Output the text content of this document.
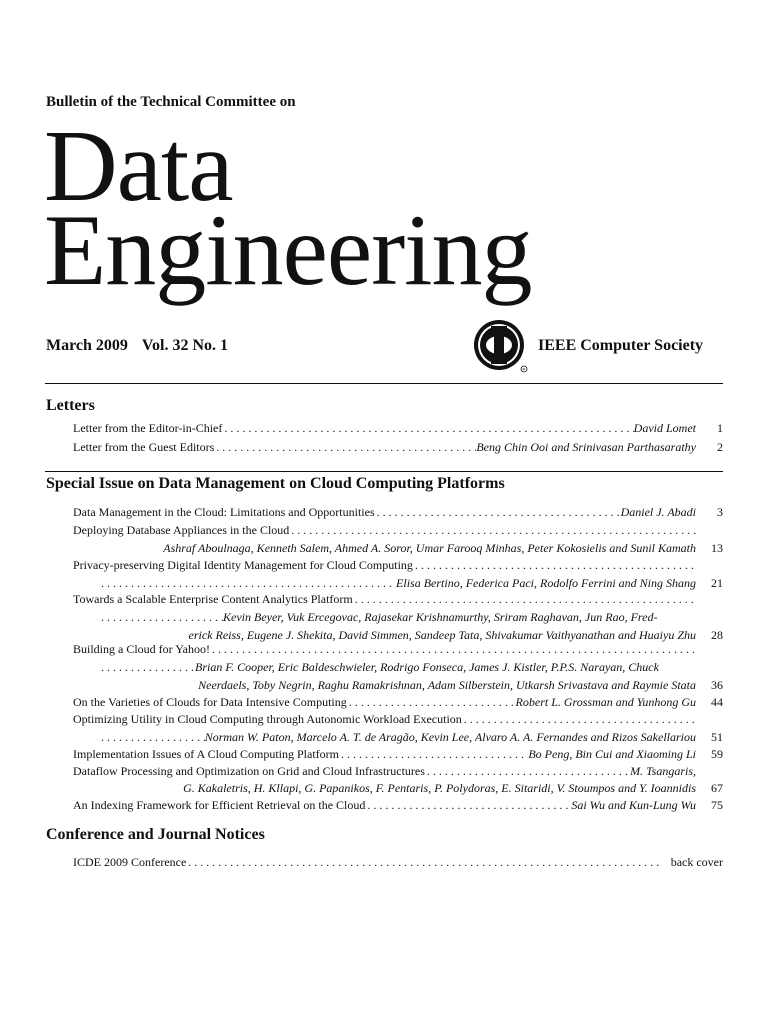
Bulletin of the Technical Committee on
Data
Engineering
March 2009 Vol. 32 No. 1
R
IEEE Computer Society
Letters
Letter from the Editor-in-Chief . . .	David Lomet 1
Letter from the Guest Editors . . .	Beng Chin Ooi and Srinivasan Parthasarathy 2
Special Issue on Data Management on Cloud Computing Platforms
Data Management in the Cloud: Limitations and Opportunities . . .	Daniel J. Abadi 3
Deploying Database Appliances in the Cloud
. . .
Ashraf Aboulnaga, Kenneth Salem, Ahmed A. Soror, Umar Farooq Minhas, Peter Kokosielis and Sunil Kamath 13
Privacy-preserving Digital Identity Management for Cloud Computing
. . .
. . .
Elisa Bertino, Federica Paci, Rodolfo Ferrini and Ning Shang 21
Towards a Scalable Enterprise Content Analytics Platform
. . .
. . .
Kevin Beyer, Vuk Ercegovac, Rajasekar Krishnamurthy, Sriram Raghavan, Jun Rao, Fred-
erick Reiss, Eugene J. Shekita, David Simmen, Sandeep Tata, Shivakumar Vaithyanathan and Huaiyu Zhu 28
Building a Cloud for Yahoo!
. . .
. . .
Brian F. Cooper, Eric Baldeschwieler, Rodrigo Fonseca, James J. Kistler, P.P.S. Narayan, Chuck
Neerdaels, Toby Negrin, Raghu Ramakrishnan, Adam Silberstein, Utkarsh Srivastava and Raymie Stata 36
On the Varieties of Clouds for Data Intensive Computing . . .	Robert L. Grossman and Yunhong Gu 44
Optimizing Utility in Cloud Computing through Autonomic Workload Execution
. . .
. . .
Norman W. Paton, Marcelo A. T. de Aragão, Kevin Lee, Alvaro A. A. Fernandes and Rizos Sakellariou 51
Implementation Issues of A Cloud Computing Platform . . .	Bo Peng, Bin Cui and Xiaoming Li 59
Dataflow Processing and Optimization on Grid and Cloud Infrastructures . . .	M. Tsangaris,
G. Kakaletris, H. Kllapi, G. Papanikos, F. Pentaris, P. Polydoras, E. Sitaridi, V. Stoumpos and Y. Ioannidis 67
An Indexing Framework for Efficient Retrieval on the Cloud . . .	Sai Wu and Kun-Lung Wu 75
Conference and Journal Notices
ICDE 2009 Conference . . .	back cover
